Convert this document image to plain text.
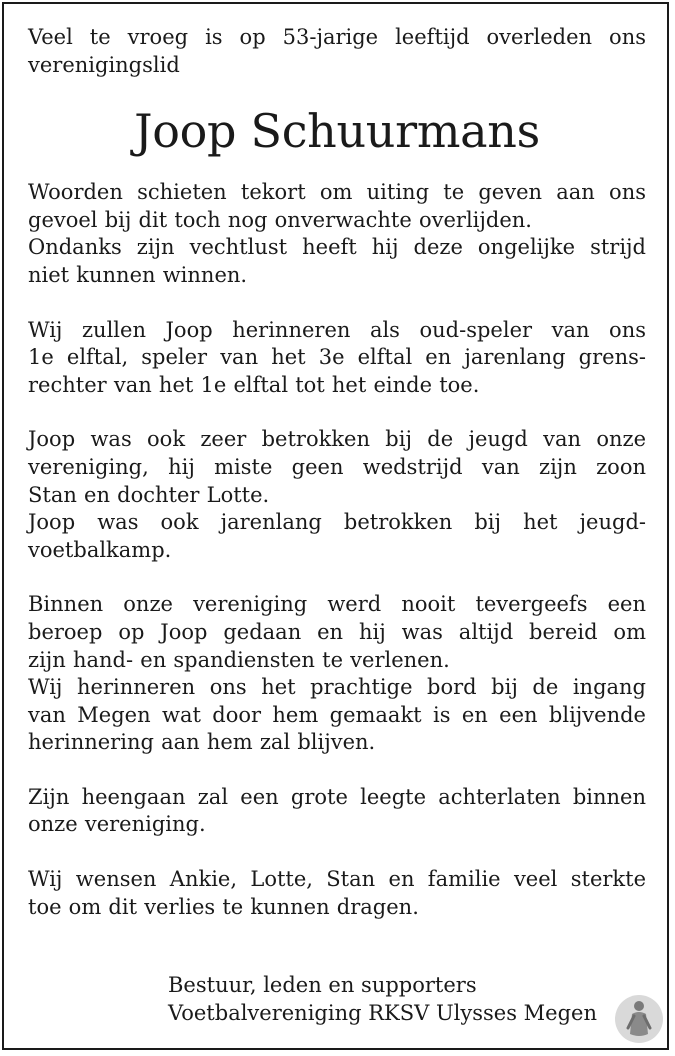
Veel te vroeg is op 53-jarige leeftijd overleden ons
verenigingslid
Joop Schuurmans
Woorden schieten tekort om uiting te geven aan ons
gevoel bij dit toch nog onverwachte overlijden.
Ondanks zijn vechtlust heeft hij deze ongelijke strijd
niet kunnen winnen.
Wij zullen Joop herinneren als oud-speler van ons
1e elftal, speler van het 3e elftal en jarenlang grens-
rechter van het 1e elftal tot het einde toe.
Joop was ook zeer betrokken bij de jeugd van onze
vereniging, hij miste geen wedstrijd van zijn zoon
Stan en dochter Lotte.
Joop was ook jarenlang betrokken bij het jeugd-
voetbalkamp.
Binnen onze vereniging werd nooit tevergeefs een
beroep op Joop gedaan en hij was altijd bereid om
zijn hand- en spandiensten te verlenen.
Wij herinneren ons het prachtige bord bij de ingang
van Megen wat door hem gemaakt is en een blijvende
herinnering aan hem zal blijven.
Zijn heengaan zal een grote leegte achterlaten binnen
onze vereniging.
Wij wensen Ankie, Lotte, Stan en familie veel sterkte
toe om dit verlies te kunnen dragen.

Bestuur, leden en supporters

Voetbalvereniging RKSV Ulysses Megen
